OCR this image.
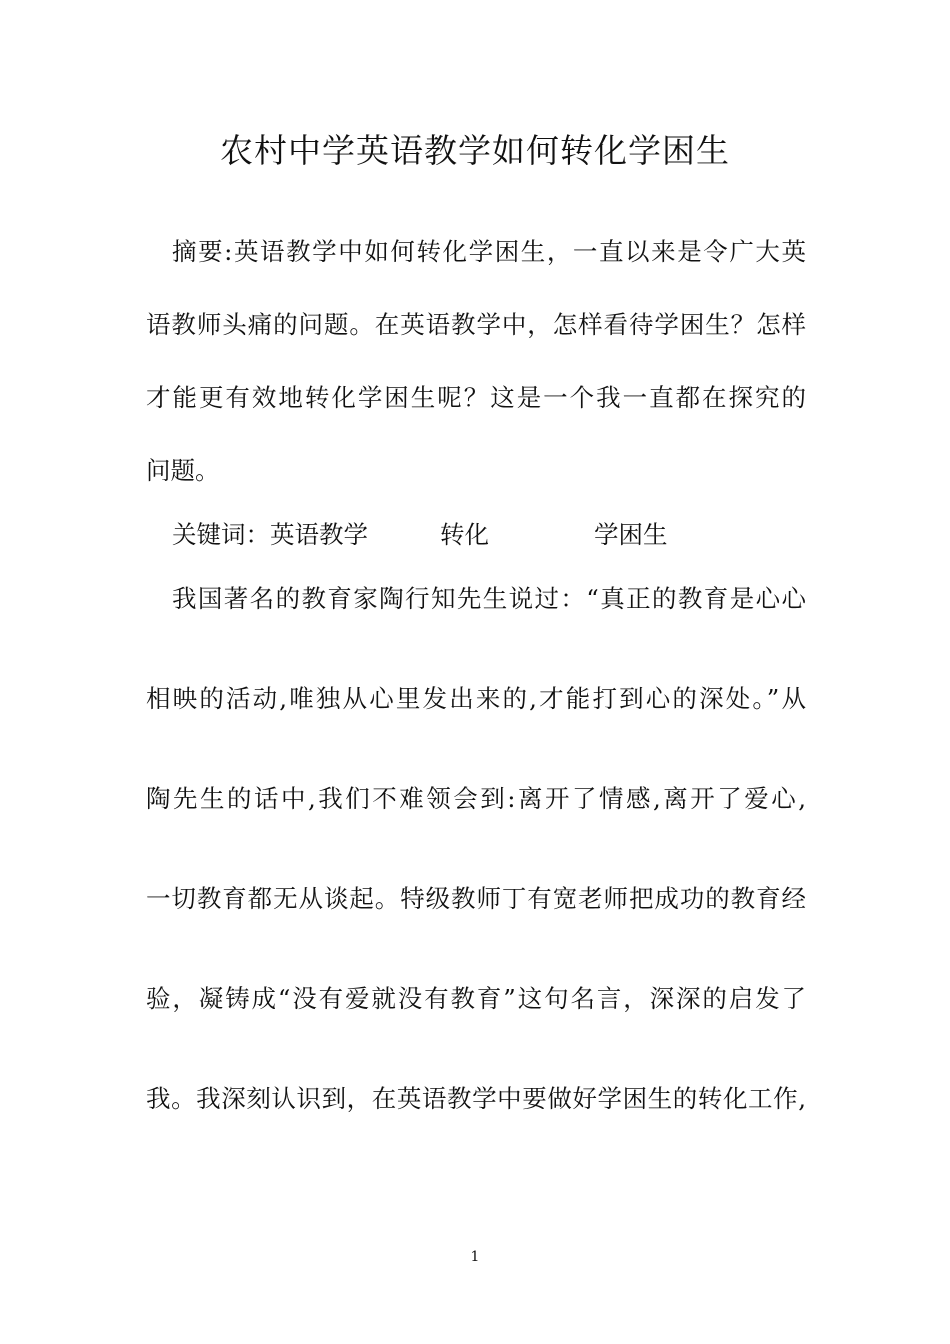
农村中学英语教学如何转化学困生

摘要:英语教学中如何转化学困生，一直以来是令广大英

语教师头痛的问题。在英语教学中，怎样看待学困生？怎样

才能更有效地转化学困生呢？这是一个我一直都在探究的

问题。

关键词：英语教学	转化	学困生

我国著名的教育家陶行知先生说过：“真正的教育是心心

相映的活动,唯独从心里发出来的,才能打到心的深处。”从

陶先生的话中,我们不难领会到:离开了情感,离开了爱心,

一切教育都无从谈起。特级教师丁有宽老师把成功的教育经

验，凝铸成“没有爱就没有教育”这句名言，深深的启发了

我。我深刻认识到，在英语教学中要做好学困生的转化工作,

1
